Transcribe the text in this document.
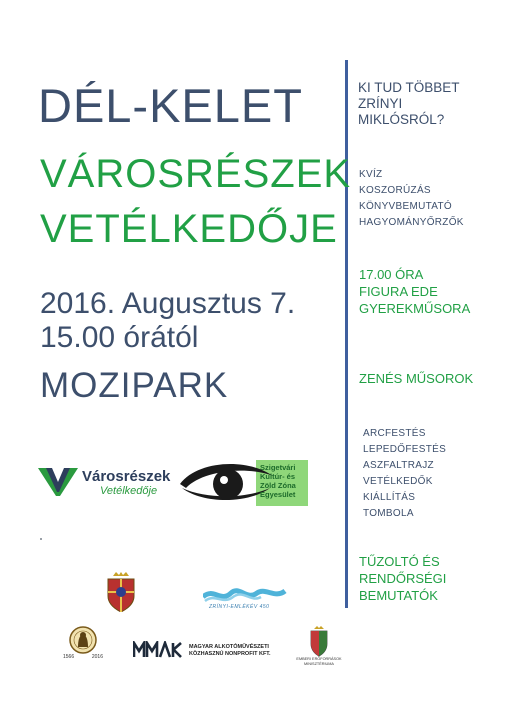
DÉL-KELET
VÁROSRÉSZEK
VETÉLKEDŐJE
2016. Augusztus 7.
15.00 órától
MOZIPARK
KI TUD TÖBBET
ZRÍNYI
MIKLÓSRÓL?
KVÍZ
KOSZORÚZÁS
KÖNYVBEMUTATÓ
HAGYOMÁNYŐRZŐK
17.00 ÓRA
FIGURA EDE
GYEREKMŰSORA
ZENÉS MŰSOROK
ARCFESTÉS
LEPEDŐFESTÉS
ASZFALTRAJZ
VETÉLKEDŐK
KIÁLLÍTÁS
TOMBOLA
TŰZOLTÓ ÉS
RENDŐRSÉGI
BEMUTATÓK
Városrészek
Vetélkedője
Szigetvári
Kultúr- és
Zöld Zóna
Egyesület
ZRÍNYI-EMLÉKÉV 450
1566	2016
MAGYAR ALKOTÓMŰVÉSZETI
KÖZHASZNÚ NONPROFIT KFT.
EMBERI ERŐFORRÁSOK
MINISZTÉRIUMA
